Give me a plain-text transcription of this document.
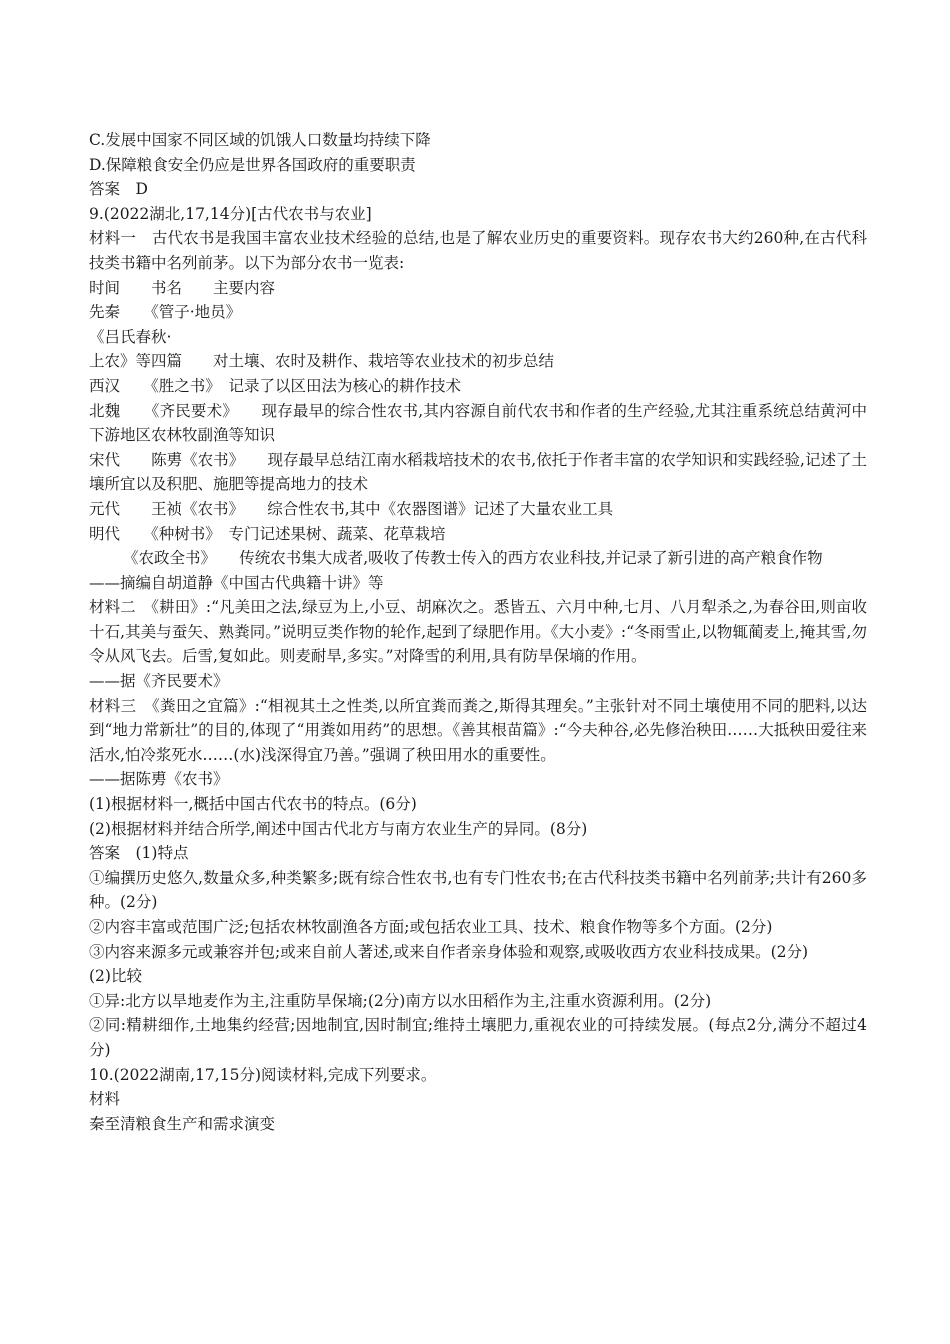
C.发展中国家不同区域的饥饿人口数量均持续下降
D.保障粮食安全仍应是世界各国政府的重要职责
答案　D
9.(2022湖北,17,14分)[古代农书与农业]
材料一　古代农书是我国丰富农业技术经验的总结,也是了解农业历史的重要资料。现存农书大约260种,在古代科技类书籍中名列前茅。以下为部分农书一览表:
时间　　书名　　主要内容
先秦　　《管子·地员》
《吕氏春秋·
上农》等四篇　　对土壤、农时及耕作、栽培等农业技术的初步总结
西汉　　《胜之书》　记录了以区田法为核心的耕作技术
北魏　　《齐民要术》　　现存最早的综合性农书,其内容源自前代农书和作者的生产经验,尤其注重系统总结黄河中下游地区农林牧副渔等知识
宋代　　陈旉《农书》　　现存最早总结江南水稻栽培技术的农书,依托于作者丰富的农学知识和实践经验,记述了土壤所宜以及积肥、施肥等提高地力的技术
元代　　王祯《农书》　　综合性农书,其中《农器图谱》记述了大量农业工具
明代　　《种树书》　专门记述果树、蔬菜、花草栽培
《农政全书》　　传统农书集大成者,吸收了传教士传入的西方农业科技,并记录了新引进的高产粮食作物
——摘编自胡道静《中国古代典籍十讲》等
材料二　《耕田》:“凡美田之法,绿豆为上,小豆、胡麻次之。悉皆五、六月中种,七月、八月犁杀之,为春谷田,则亩收十石,其美与蚕矢、熟粪同。”说明豆类作物的轮作,起到了绿肥作用。《大小麦》:“冬雨雪止,以物辄蔺麦上,掩其雪,勿令从风飞去。后雪,复如此。则麦耐旱,多实。”对降雪的利用,具有防旱保墒的作用。
——据《齐民要术》
材料三　《粪田之宜篇》:“相视其土之性类,以所宜粪而粪之,斯得其理矣。”主张针对不同土壤使用不同的肥料,以达到“地力常新壮”的目的,体现了“用粪如用药”的思想。《善其根苗篇》:“今夫种谷,必先修治秧田……大抵秧田爱往来活水,怕冷浆死水……(水)浅深得宜乃善。”强调了秧田用水的重要性。
——据陈旉《农书》
(1)根据材料一,概括中国古代农书的特点。(6分)
(2)根据材料并结合所学,阐述中国古代北方与南方农业生产的异同。(8分)
答案　(1)特点
①编撰历史悠久,数量众多,种类繁多;既有综合性农书,也有专门性农书;在古代科技类书籍中名列前茅;共计有260多种。(2分)
②内容丰富或范围广泛;包括农林牧副渔各方面;或包括农业工具、技术、粮食作物等多个方面。(2分)
③内容来源多元或兼容并包;或来自前人著述,或来自作者亲身体验和观察,或吸收西方农业科技成果。(2分)
(2)比较
①异:北方以旱地麦作为主,注重防旱保墒;(2分)南方以水田稻作为主,注重水资源利用。(2分)
②同:精耕细作,土地集约经营;因地制宜,因时制宜;维持土壤肥力,重视农业的可持续发展。(每点2分,满分不超过4分)
10.(2022湖南,17,15分)阅读材料,完成下列要求。
材料
秦至清粮食生产和需求演变
